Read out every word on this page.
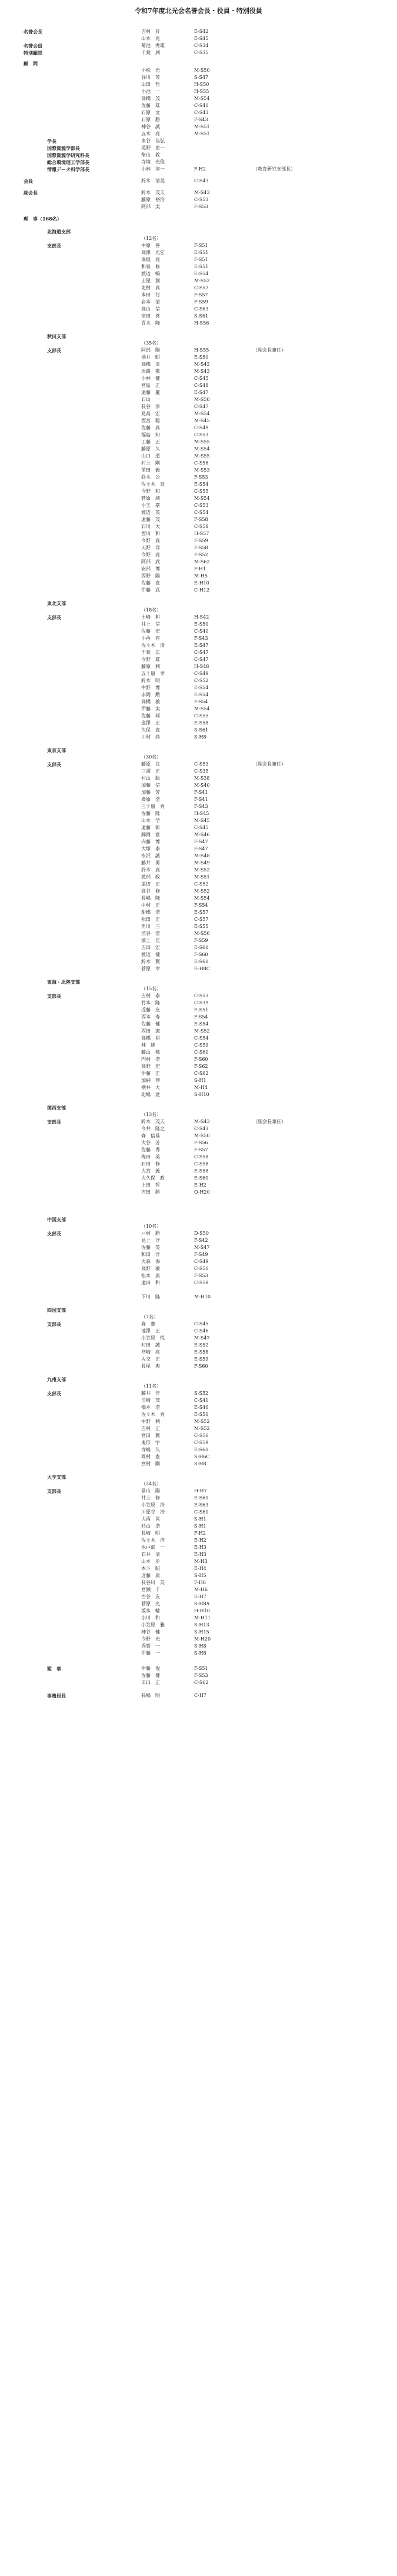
令和7年度北光会名誉会長・役員・特別役員
名誉会長	吉村　昇	E-S42
山本　克	E-S45
名誉会員	菊池　秀雄	C-S34
特別顧問	千葉　到	C-S35
顧　問
小松　光	M-S50
谷川　英	S-S47
山田　哲	H-S50
小池　一	H-S55
高橋　茂	M-S54
佐藤　雄	C-S40
石原　文	C-S43
石原　勝	F-S43
神谷　誠	M-S51
五木　亮	M-S51
学長	南谷　佳弘
国際資源学部長	尾野　恵一
国際資源学研究科長	柴山　敦
総合環境理工学部長	寺境　光俊
情報データ科学部長	小林　淳一	F-H2	（教育研究支部長）
会長	鈴木　清美	C-S43
副会長	鈴木　茂夫	M-S43
藤原　裕治	C-S53
阿部　実	F-S53
理　事（168名）
北海道支部
（12名）
支部長	中原　善	F-S51
高澤　光宏	E-S51
保坂　亮	F-S51
和泉　修	E-S51
渡辺　暢	E-S54
土屋　創	M-S52
北村　真	C-S57
本田　行	F-S57
岩本　清	F-S59
高山　信	C-S63
室田　啓	S-S61
青木　隆	H-S56
秋田支部
（35名）
支部長	阿部　陽	H-S55	（副会長兼任）
酒井　昭	E-S50
高橋　幸	M-S43
淡路　敬	M-S43
小林　健	C-S45
宮島　正	C-S48
遠藤　慶	E-S47
石山　一	M-S50
長谷　淳	C-S47
見高　宏	M-S54
西宮　聡	M-S45
佐藤　真	C-S49
福島　知	C-S53
工藤　正	M-S55
藤原　久	M-S54
山口　道	M-S55
村上　剛	C-S56
前田　毅	M-S53
鈴木　公	F-S53
佐々木　直	E-S54
今野　和	C-S55
菅原　靖	M-S54
小玉　嘉	C-S53
渡辺　英	C-S54
遠藤　茂	F-S58
石川　大	C-S58
西川　和	H-S57
今野　真	F-S59
天野　洋	F-S58
今野　亮	F-S52
阿部　武	M-S62
安部　博	F-H1
西野　陽	M-H5
佐藤　直	E-H10
伊藤　武	C-H12
東北支部
（18名）
支部長	土崎　耕	H-S42
井上　信	E-S50
佐藤　宏	C-S40
小西　有	F-S43
佐々木　清	E-S47
千葉　広	C-S47
今野　雄	C-S47
藤原　利	H-S48
五十嵐　孝	C-S49
鈴木　明	C-S52
中野　博	E-S54
赤間　勲	E-S54
高橋　敏	F-S54
伊藤　実	M-S54
佐藤　邦	C-S55
金澤　正	E-S58
久保　直	S-S61
川村　尚	S-H8
東京支部
（30名）
支部長	藤原　良	C-S53	（副会長兼任）
三浦　正	C-S35
村山　聡	M-S38
加藤　信	M-S40
加藤　芳	F-S41
桑原　浩	F-S41
三十嵐　秀	F-S43
佐藤　隆	H-S45
山本　学	M-S45
遠藤　彰	C-S45
錦岡　富	M-S46
内藤　博	F-S47
大塚　泰	F-S47
水沢　誠	M-S48
藤井　勇	M-S49
鈴木　真	M-S52
渡部　政	M-S51
遠辺　正	C-S52
高谷　修	M-S52
長嶋　隆	M-S54
中村　正	F-S54
船橋　浩	E-S57
松田　正	C-S57
角川　三	E-S55
渋谷　浩	M-S56
浦上　佳	F-S59
吉田　宏	E-S60
渡辺　健	F-S60
鈴木　賢	E-S60
菅原　幸	E-H8C
東海・北陸支部
（15名）
支部長	吉村　泰	C-S53
竹本　隆	C-S39
近藤　友	E-S51
西本　寿	F-S54
佐藤　健	E-S54
西田　憲	M-S52
高橋　裕	C-S54
林　達	C-S59
藤山　勉	C-S60
門村　浩	F-S60
高野　宏	F-S62
伊藤　正	C-S62
加納　伸	S-H1
横井　大	M-H4
北嶋　達	S-H10
関西支部
（13名）
支部長	鈴木　茂夫	M-S43	（副会長兼任）
今井　隆之	C-S43
森　信雄	M-S50
大谷　芳	F-S56
佐藤　秀	F-S57
梅田　英	C-S58
石田　修	C-S58
大宮　義	E-S58
大久保　政	E-S60
上田　哲	E-H2
吉田　勝	Q-H20
中国支部
（10名）
支部長	戸村　勝	D-S50
見上　洋	F-S42
佐藤　英	M-S47
和田　洋	F-S49
大森　保	C-S49
高野　敏	C-S50
松本　康	F-S53
遠田　和	C-S58
下川　隆	M-H10
四国支部
（7名）
支部長	森　憲	C-S45
池澤　正	C-S46
小笠原　悦	M-S47
村田　誠	E-S52
宮崎　亮	E-S58
入交　正	E-S59
長尾　典	F-S60
九州支部
（11名）
支部長	藤井　佳	S-S52
江崎　茂	C-S41
橋本　浩	E-S46
佐々木　秀	E-S50
中野　利	M-S52
吉村　正	M-S52
宮田　賢	C-S56
鬼形　宇	C-S59
寺嶋　久	E-S60
岡村　豊	S-H6C
宮村　剛	S-H8
大学支部
（24名）
支部長	景山　陽	H-H7
井上　修	E-S60
小笠原　浩	E-S63
川原谷　浩	C-S60
大西　晃	S-H1
杉山　浩	S-H1
長崎　明	F-H2
佐々木　浩	E-H2
水戸部　一	E-H3
石井　清	E-H3
山本　歩	M-H3
木下　昭	E-H4
近藤　康	S-H5
長谷川　英	F-H6
宮瀬　千	M-H6
古谷　友	E-H7
菅原　光	S-H8A
坂本　輪	H-H10
小川　和	M-H11
小笠原　雅	S-H13
柿谷　健	S-H15
今野　光	M-H20
秀賀　一	S-H8
伊藤　一	S-H8
監　事	伊藤　俊	F-S51
佐藤　健	F-S53
田口　正	C-S62
事務局長	長嶋　明	C-H7
